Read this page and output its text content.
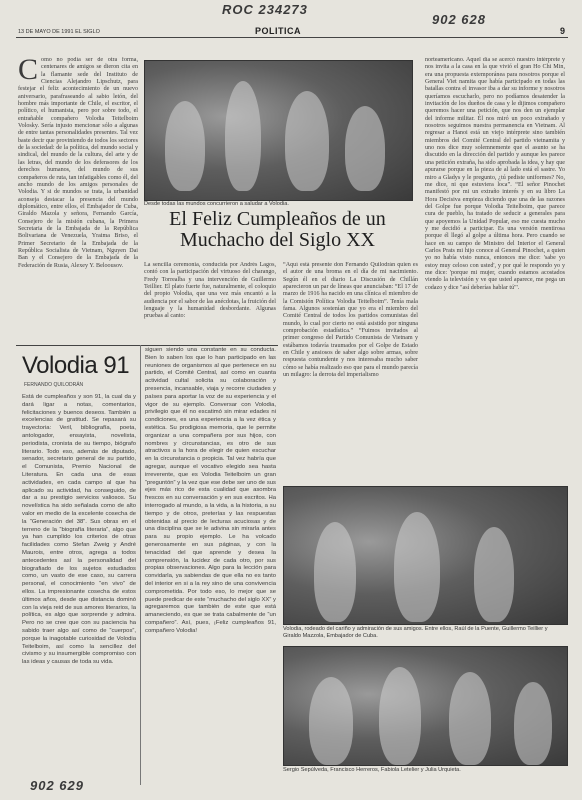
ROC 234273
902 628
902 629
13 DE MAYO DE 1991 EL SIGLO	POLITICA	9
Desde todas las mundos concurrieron a saludar a Volodia.
El Feliz Cumpleaños de un Muchacho del Siglo XX
Como no podía ser de otra forma, centenares de amigos se dieron cita en la flamante sede del Instituto de Ciencias Alejandro Lipschutz, para festejar el feliz acontecimiento de un nuevo aniversario, parafraseando al sabio letón, del hombre más importante de Chile, el escritor, el político, el humanista, pero por sobre todo, el entrañable compañero Volodia Teitelboim Volosky. Sería injusto mencionar sólo a algunas de entre tantas personalidades presentes. Tal vez baste decir que proviniendo de todos los sectores de la sociedad: de la política, del mundo social y sindical, del mundo de la cultura, del arte y de las letras, del mundo de los defensores de los derechos humanos, del mundo de sus compañeros de ruta, tan infatigables como él, del ancho mundo de los amigos personales de Volodia. Y si de mundos se trata, la urbanidad aconseja destacar la presencia del mundo diplomático, entre ellos, el Embajador de Cuba, Giraldo Mazola y señora, Fernando García, Consejero de la misión cubana, la Primera Secretaria de la Embajada de la República Bolivariana de Venezuela, Yraima Briso, el Primer Secretario de la Embajada de la República Socialista de Vietnam, Nguyen Dai Ban y el Consejero de la Embajada de la Federación de Rusia, Alexey Y. Beloousov.	La sencilla ceremonia, conducida por Andrés Lagos, contó con la participación del virtuoso del charango, Fredy Torrealba y una intervención de Guillermo Teillier. El plato fuerte fue, naturalmente, el coloquio del propio Volodia, que una vez más encantó a la audiencia por el sabor de las anécdotas, la fruición del lenguaje y la humanidad desbordante. Algunas pruebas al canto:
“Aquí está presente don Fernando Quilodrán quien es el autor de una broma en el día de mi nacimiento. Según él en el diario La Discusión de Chillán aparecieron un par de líneas que anunciaban: “El 17 de marzo de 1916 ha nacido en una clínica el miembro de la Comisión Política Volodia Teitelboim”. Tenía mala fama. Algunos sostenían que yo era el miembro del Comité Central de todos los partidos comunistas del mundo, lo cual por cierto no está asistido por ninguna comprobación estadística.” “Fuimos invitados al primer congreso del Partido Comunista de Vietnam y estábamos todavía traumados por el Golpe de Estado en Chile y ansiosos de saber algo sobre armas, sobre respuesta contundente y nos interesaba mucho saber cómo se había realizado eso que para el mundo parecía un milagro: la derrota del imperialismo
norteamericano. Aquel día se acercó nuestro intérprete y nos invita a la casa en la que vivió el gran Ho Chi Min, era una propuesta extemporánea para nosotros porque el General Viet namita que había participado en todas las batallas contra el invasor iba a dar su informe y nosotros queríamos escucharlo, pero no podíamos desatender la invitación de los dueños de casa y le dijimos compañero queremos hacer una petición, que nos den un ejemplar del informe militar. Él nos miró un poco extrañado y nosotros seguimos nuestra permanencia en Vietnam. Al regresar a Hanoi está un viejo intérprete sino también miembros del Comité Central del partido vietnamita y uno nos dice muy solemnemente que el asunto se ha discutido en la dirección del partido y aunque les parece una petición extraña, ha sido aprobada la idea, y hay que apurarse porque en la pieza de al lado está el sastre. Yo miro a Gladys y le pregunto, ¿tú pediste uniformes? No, me dice, ni que estuviera loca”. “El señor Pinochet manifestó por mi un extraño interés y en su libro La Hora Decisiva empieza diciendo que una de las razones del Golpe fue porque Volodia Teitelboim, que parece cura de pueblo, ha tratado de seducir a generales para que apoyemos la Unidad Popular, eso me cuesta mucho y me decidió a participar. Es una versión mentirosa porque él llegó al golpe a última hora. Pero cuando se hace en su campo de Ministro del Interior el General Carlos Prats mi hijo conoce al General Pinochet, a quien yo no había visto nunca, entonces me dice: 'sabe yo estoy muy celoso con usted', y por qué le respondo yo y me dice: 'porque mi mujer, cuando estamos acostados viendo la televisión y ve que usted aparece, me pega un codazo y dice "así deberías hablar tú"'.
Volodia 91
FERNANDO QUILODRÁN
Está de cumpleaños y son 91, la cual da y dará ligar a notas, comentarios, felicitaciones y buenos deseos. También a excelencias de gratitud. Se repasará su trayectoria: Veril, bibliografía, poeta, antologador, ensayista, novelista, periodista, cronista de su tiempo, biógrafo literario. Todo eso, además de diputado, senador, secretario general de su partido, el Comunista, Premio Nacional de Literatura. En cada una de esas actividades, en cada campo al que ha aplicado su actividad, ha conseguido, de dar a su prestigio servicios valiosos. Su novelística ha sido señalada como de alto valor en medio de la excelente cosecha de la “Generación del 38”. Sus obras en el terreno de la “biografía literaria”, algo que ya han cumplido los criterios de otras facilidades como Stefan Zweig y André Maurois, entre otros, agrega a todos antecedentes así la personalidad del biografiado de los sujetos estudiados como, un vasto de ese caso, su carrera personal, el conocimiento “en vivo” de ellos. La impresionante cosecha de estos últimos años, desde que distancia dominó con la vieja reid de sus amores literarios, la política, es algo que sorprende y admira. Pero no se cree que con su paciencia ha sabido traer algo así como de “cuerpos”, porque la inagotable curiosidad de Volodia Teitelboim, así como la sencillez del civismo y su insumergible compromiso con las ideas y causas de toda su vida.
siguen siendo una constante en su conducta. Bien lo saben los que lo han participado en las reuniones de organismos al que pertenece en su partido, el Comité Central, así como en cuanta actividad cultal solicita su colaboración y presencia, incansable, viaja y recorre ciudades y países para aportar la voz de su experiencia y el vigor de su ejemplo. Conversar con Volodia, privilegio que él no escatimó sin mirar edades ni condiciones, es una experiencia a la vez ética y estética. Su prodigiosa memoria, que le permite organizar a una compañera por sus hijos, con nombres y circunstancias, es otro de sus atractivos a la hora de elegir de quien escuchar en la circunstancia o propicia. Tal vez habría que agregar, aunque el vocativo elegido sea hasta irreverente, que es Volodia Teitelboim un gran “preguntón” y la vez que ese debe ser uno de sus ejes más rico de esta cualidad que asombra frescos en su conversación y en sus escritos. Ha interrogado al mundo, a la vida, a la historia, a su tiempo y de otros, preterías y las respuestas obtenidas al precio de lecturas acuciosas y de una disciplina que se le adivina sin mirarla antes para su propio ejemplo. Le ha volcado generosamente en sus páginas, y con la tenacidad del que aprende y desea la comprensión, la lucidez de cada otro, por sus propias observaciones. Algo para la lección para convidarla, ya sabiendas de que ella no es tanto del interior en si a la rey sino de una convivencia comprometida. Por todo eso, lo mejor que se puede predicar de este “muchacho del siglo XX” y agregaremos que también de este que está amaneciendo, es que se trata cabalmente de “un compañero”. Así, pues, ¡Feliz cumpleaños 91, compañero Volodia!	Volodia, rodeado del cariño y admiración de sus amigos. Entre ellos, Raúl de la Puente, Guillermo Teillier y Giraldo Mazzola, Embajador de Cuba.
Sergio Sepúlveda, Francisco Herreros, Fabiola Letelier y Julia Urquieta.
